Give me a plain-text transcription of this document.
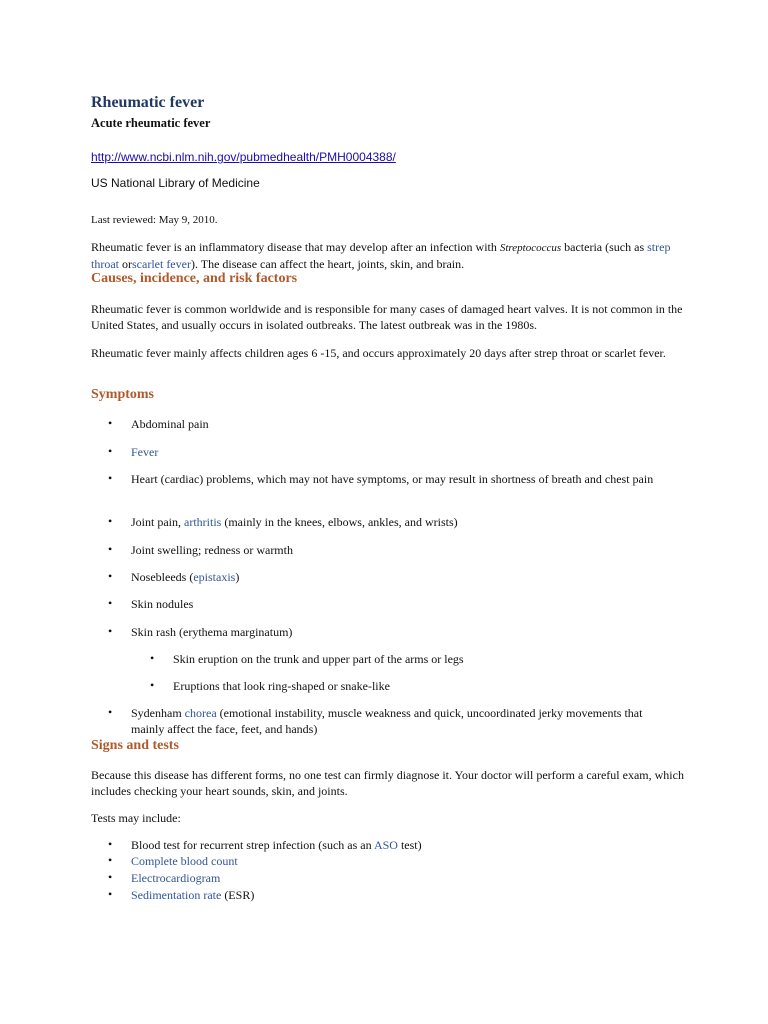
Rheumatic fever
Acute rheumatic fever
http://www.ncbi.nlm.nih.gov/pubmedhealth/PMH0004388/
US National Library of Medicine
Last reviewed: May 9, 2010.
Rheumatic fever is an inflammatory disease that may develop after an infection with Streptococcus bacteria (such as strep throat orscarlet fever). The disease can affect the heart, joints, skin, and brain.
Causes, incidence, and risk factors
Rheumatic fever is common worldwide and is responsible for many cases of damaged heart valves. It is not common in the United States, and usually occurs in isolated outbreaks. The latest outbreak was in the 1980s.
Rheumatic fever mainly affects children ages 6 -15, and occurs approximately 20 days after strep throat or scarlet fever.
Symptoms
• Abdominal pain
• Fever
• Heart (cardiac) problems, which may not have symptoms, or may result in shortness of breath and chest pain
• Joint pain, arthritis (mainly in the knees, elbows, ankles, and wrists)
• Joint swelling; redness or warmth
• Nosebleeds (epistaxis)
• Skin nodules
• Skin rash (erythema marginatum)
• Skin eruption on the trunk and upper part of the arms or legs
• Eruptions that look ring-shaped or snake-like
• Sydenham chorea (emotional instability, muscle weakness and quick, uncoordinated jerky movements that mainly affect the face, feet, and hands)
Signs and tests
Because this disease has different forms, no one test can firmly diagnose it. Your doctor will perform a careful exam, which includes checking your heart sounds, skin, and joints.
Tests may include:
• Blood test for recurrent strep infection (such as an ASO test)
• Complete blood count
• Electrocardiogram
• Sedimentation rate (ESR)
